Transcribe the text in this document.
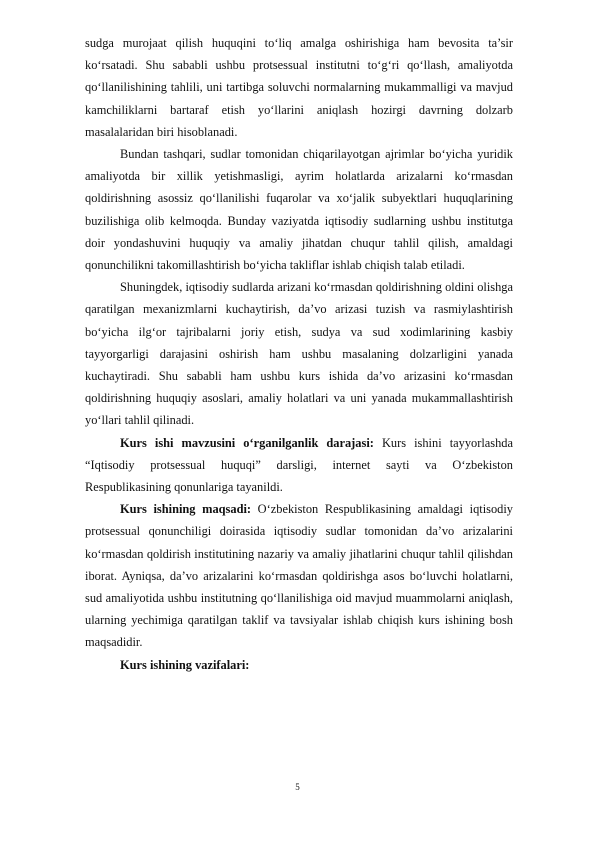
sudga murojaat qilish huquqini to‘liq amalga oshirishiga ham bevosita ta’sir ko‘rsatadi. Shu sababli ushbu protsessual institutni to‘g‘ri qo‘llash, amaliyotda qo‘llanilishining tahlili, uni tartibga soluvchi normalarning mukammalligi va mavjud kamchiliklarni bartaraf etish yo‘llarini aniqlash hozirgi davrning dolzarb masalalaridan biri hisoblanadi.

Bundan tashqari, sudlar tomonidan chiqarilayotgan ajrimlar bo‘yicha yuridik amaliyotda bir xillik yetishmasligi, ayrim holatlarda arizalarni ko‘rmasdan qoldirishning asossiz qo‘llanilishi fuqarolar va xo‘jalik subyektlari huquqlarining buzilishiga olib kelmoqda. Bunday vaziyatda iqtisodiy sudlarning ushbu institutga doir yondashuvini huquqiy va amaliy jihatdan chuqur tahlil qilish, amaldagi qonunchilikni takomillashtirish bo‘yicha takliflar ishlab chiqish talab etiladi.

Shuningdek, iqtisodiy sudlarda arizani ko‘rmasdan qoldirishning oldini olishga qaratilgan mexanizmlarni kuchaytirish, da’vo arizasi tuzish va rasmiylashtirish bo‘yicha ilg‘or tajribalarni joriy etish, sudya va sud xodimlarining kasbiy tayyorgarligi darajasini oshirish ham ushbu masalaning dolzarligini yanada kuchaytiradi. Shu sababli ham ushbu kurs ishida da’vo arizasini ko‘rmasdan qoldirishning huquqiy asoslari, amaliy holatlari va uni yanada mukammallashtirish yo‘llari tahlil qilinadi.

Kurs ishi mavzusini o‘rganilganlik darajasi: Kurs ishini tayyorlashda “Iqtisodiy protsessual huquqi” darsligi, internet sayti va O‘zbekiston Respublikasining qonunlariga tayanildi.

Kurs ishining maqsadi: O‘zbekiston Respublikasining amaldagi iqtisodiy protsessual qonunchiligi doirasida iqtisodiy sudlar tomonidan da’vo arizalarini ko‘rmasdan qoldirish institutining nazariy va amaliy jihatlarini chuqur tahlil qilishdan iborat. Ayniqsa, da’vo arizalarini ko‘rmasdan qoldirishga asos bo‘luvchi holatlarni, sud amaliyotida ushbu institutning qo‘llanilishiga oid mavjud muammolarni aniqlash, ularning yechimiga qaratilgan taklif va tavsiyalar ishlab chiqish kurs ishining bosh maqsadidir.

Kurs ishining vazifalari:

5
